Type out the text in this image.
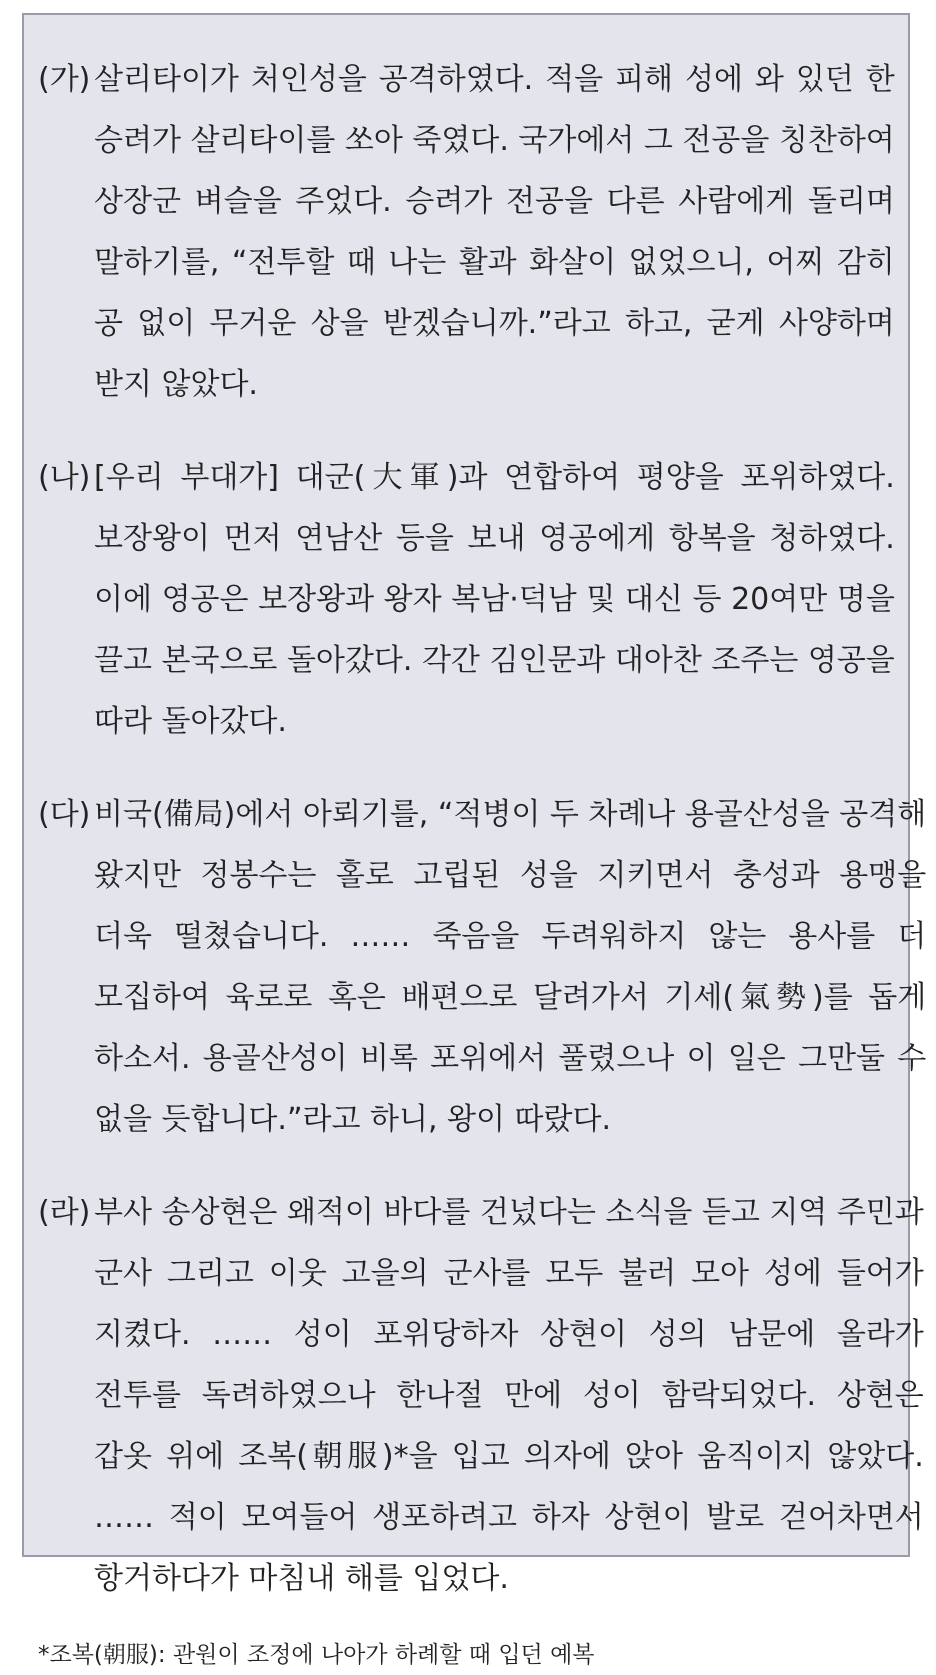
(가) 살리타이가 처인성을 공격하였다. 적을 피해 성에 와 있던 한
승려가 살리타이를 쏘아 죽였다. 국가에서 그 전공을 칭찬하여
상장군 벼슬을 주었다. 승려가 전공을 다른 사람에게 돌리며
말하기를, “전투할 때 나는 활과 화살이 없었으니, 어찌 감히
공 없이 무거운 상을 받겠습니까.”라고 하고, 굳게 사양하며
받지 않았다.
(나) [우리 부대가] 대군(大軍)과 연합하여 평양을 포위하였다.
보장왕이 먼저 연남산 등을 보내 영공에게 항복을 청하였다.
이에 영공은 보장왕과 왕자 복남·덕남 및 대신 등 20여만 명을
끌고 본국으로 돌아갔다. 각간 김인문과 대아찬 조주는 영공을
따라 돌아갔다.
(다) 비국(備局)에서 아뢰기를, “적병이 두 차례나 용골산성을 공격해
왔지만 정봉수는 홀로 고립된 성을 지키면서 충성과 용맹을
더욱 떨쳤습니다. …… 죽음을 두려워하지 않는 용사를 더
모집하여 육로로 혹은 배편으로 달려가서 기세(氣勢)를 돕게
하소서. 용골산성이 비록 포위에서 풀렸으나 이 일은 그만둘 수
없을 듯합니다.”라고 하니, 왕이 따랐다.
(라) 부사 송상현은 왜적이 바다를 건넜다는 소식을 듣고 지역 주민과
군사 그리고 이웃 고을의 군사를 모두 불러 모아 성에 들어가
지켰다. …… 성이 포위당하자 상현이 성의 남문에 올라가
전투를 독려하였으나 한나절 만에 성이 함락되었다. 상현은
갑옷 위에 조복(朝服)*을 입고 의자에 앉아 움직이지 않았다.
…… 적이 모여들어 생포하려고 하자 상현이 발로 걷어차면서
항거하다가 마침내 해를 입었다.
*조복(朝服): 관원이 조정에 나아가 하례할 때 입던 예복
